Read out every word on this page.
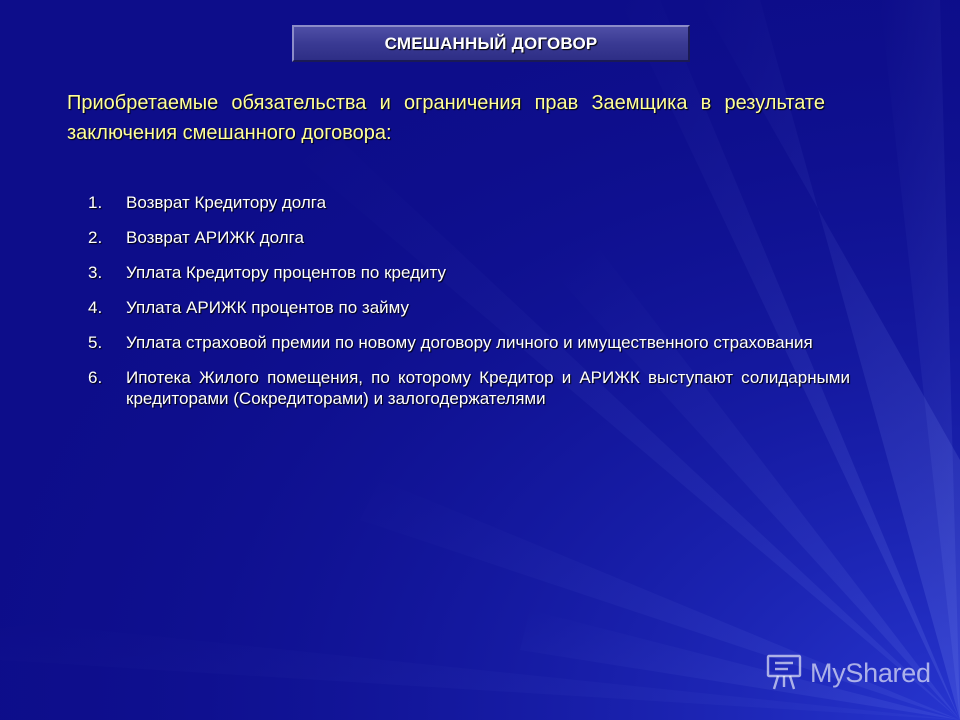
СМЕШАННЫЙ ДОГОВОР
Приобретаемые обязательства и ограничения прав Заемщика в результате заключения смешанного договора:
1.	Возврат Кредитору долга
2.	Возврат АРИЖК долга
3.	Уплата Кредитору процентов по кредиту
4.	Уплата АРИЖК процентов по займу
5.	Уплата страховой премии по новому договору личного и имущественного страхования
6.	Ипотека Жилого помещения, по которому Кредитор и АРИЖК выступают солидарными кредиторами (Сокредиторами) и залогодержателями
MyShared
